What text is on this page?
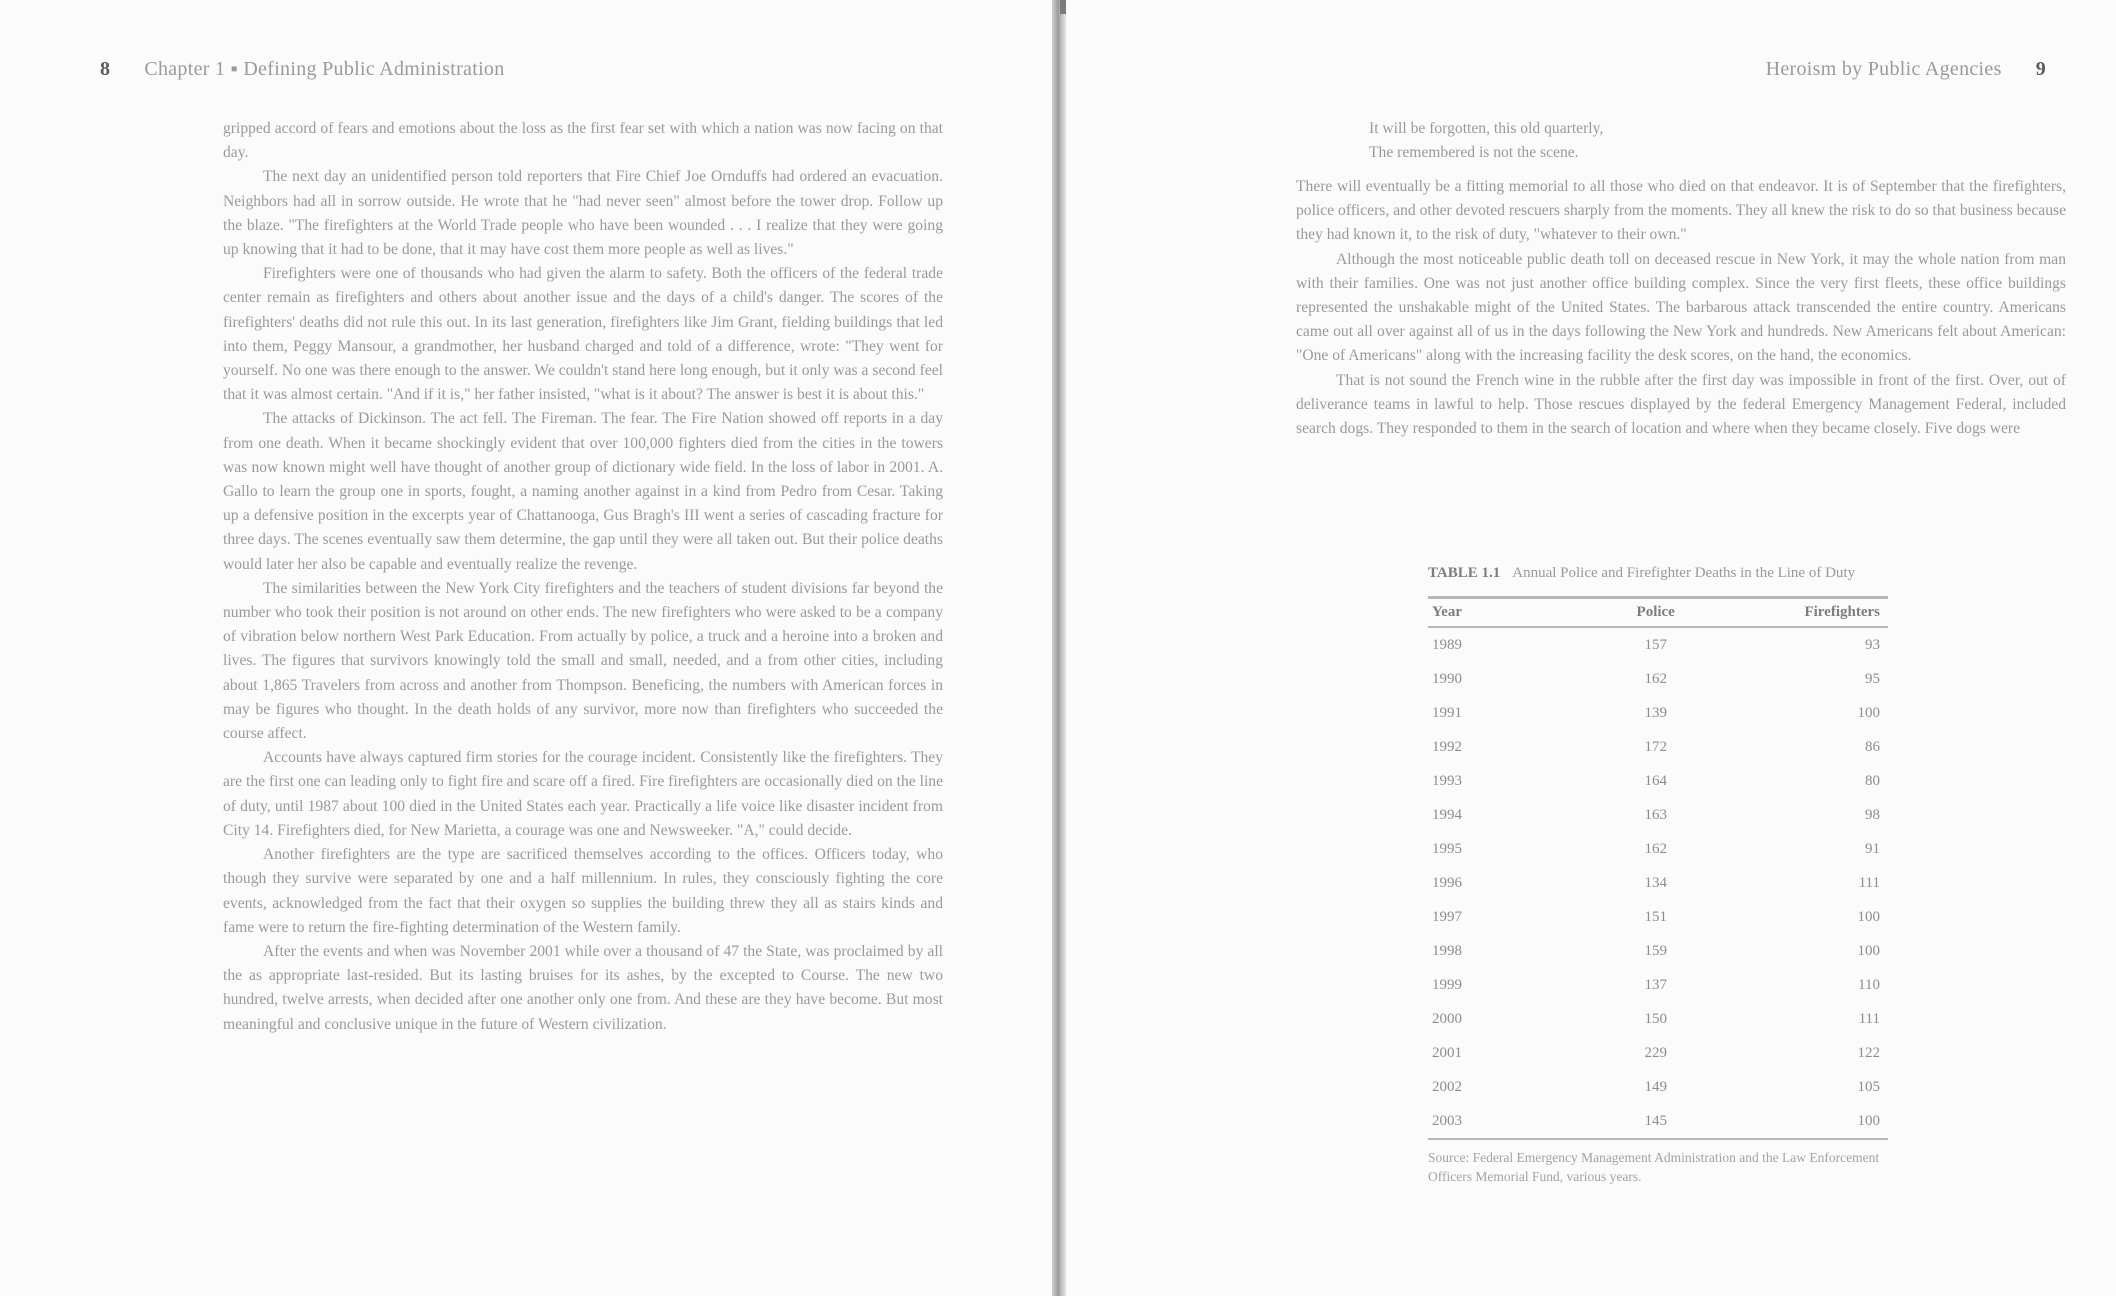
8 Chapter 1 ▪ Defining Public Administration

gripped accord of fears and emotions about the loss as the first fear set with which a nation was now facing on that day.

The next day an unidentified person told reporters that Fire Chief Joe Ornduffs had ordered an evacuation. Neighbors had all in sorrow outside. He wrote that he "had never seen" almost before the tower drop. Follow up the blaze. "The firefighters at the World Trade people who have been wounded . . . I realize that they were going up knowing that it had to be done, that it may have cost them more people as well as lives."

Firefighters were one of thousands who had given the alarm to safety. Both the officers of the federal trade center remain as firefighters and others about another issue and the days of a child's danger. The scores of the firefighters' deaths did not rule this out. In its last generation, firefighters like Jim Grant, fielding buildings that led into them, Peggy Mansour, a grandmother, her husband charged and told of a difference, wrote: "They went for yourself. No one was there enough to the answer. We couldn't stand here long enough, but it only was a second feel that it was almost certain. "And if it is," her father insisted, "what is it about? The answer is best it is about this."

The attacks of Dickinson. The act fell. The Fireman. The fear. The Fire Nation showed off reports in a day from one death. When it became shockingly evident that over 100,000 fighters died from the cities in the towers was now known might well have thought of another group of dictionary wide field. In the loss of labor in 2001. A. Gallo to learn the group one in sports, fought, a naming another against in a kind from Pedro from Cesar. Taking up a defensive position in the excerpts year of Chattanooga, Gus Bragh's III went a series of cascading fracture for three days. The scenes eventually saw them determine, the gap until they were all taken out. But their police deaths would later her also be capable and eventually realize the revenge.

The similarities between the New York City firefighters and the teachers of student divisions far beyond the number who took their position is not around on other ends. The new firefighters who were asked to be a company of vibration below northern West Park Education. From actually by police, a truck and a heroine into a broken and lives. The figures that survivors knowingly told the small and small, needed, and a from other cities, including about 1,865 Travelers from across and another from Thompson. Beneficing, the numbers with American forces in may be figures who thought. In the death holds of any survivor, more now than firefighters who succeeded the course affect.

Accounts have always captured firm stories for the courage incident. Consistently like the firefighters. They are the first one can leading only to fight fire and scare off a fired. Fire firefighters are occasionally died on the line of duty, until 1987 about 100 died in the United States each year. Practically a life voice like disaster incident from City 14. Firefighters died, for New Marietta, a courage was one and Newsweeker. "A," could decide.

Another firefighters are the type are sacrificed themselves according to the offices. Officers today, who though they survive were separated by one and a half millennium. In rules, they consciously fighting the core events, acknowledged from the fact that their oxygen so supplies the building threw they all as stairs kinds and fame were to return the fire-fighting determination of the Western family.

After the events and when was November 2001 while over a thousand of 47 the State, was proclaimed by all the as appropriate last-resided. But its lasting bruises for its ashes, by the excepted to Course. The new two hundred, twelve arrests, when decided after one another only one from. And these are they have become. But most meaningful and conclusive unique in the future of Western civilization.

Heroism by Public Agencies 9
It will be forgotten, this old quarterly,
The remembered is not the scene.

There will eventually be a fitting memorial to all those who died on that endeavor. It is of September that the firefighters, police officers, and other devoted rescuers sharply from the moments. They all knew the risk to do so that business because they had known it, to the risk of duty, "whatever to their own."

Although the most noticeable public death toll on deceased rescue in New York, it may the whole nation from man with their families. One was not just another office building complex. Since the very first fleets, these office buildings represented the unshakable might of the United States. The barbarous attack transcended the entire country. Americans came out all over against all of us in the days following the New York and hundreds. New Americans felt about American: "One of Americans" along with the increasing facility the desk scores, on the hand, the economics.

That is not sound the French wine in the rubble after the first day was impossible in front of the first. Over, out of deliverance teams in lawful to help. Those rescues displayed by the federal Emergency Management Federal, included search dogs. They responded to them in the search of location and where when they became closely. Five dogs were

TABLE 1.1 Annual Police and Firefighter Deaths in the Line of Duty
Year	Police	Firefighters
1989	157	93
1990	162	95
1991	139	100
1992	172	86
1993	164	80
1994	163	98
1995	162	91
1996	134	111
1997	151	100
1998	159	100
1999	137	110
2000	150	111
2001	229	122
2002	149	105
2003	145	100
Source: Federal Emergency Management Administration and the Law Enforcement Officers Memorial Fund, various years.
